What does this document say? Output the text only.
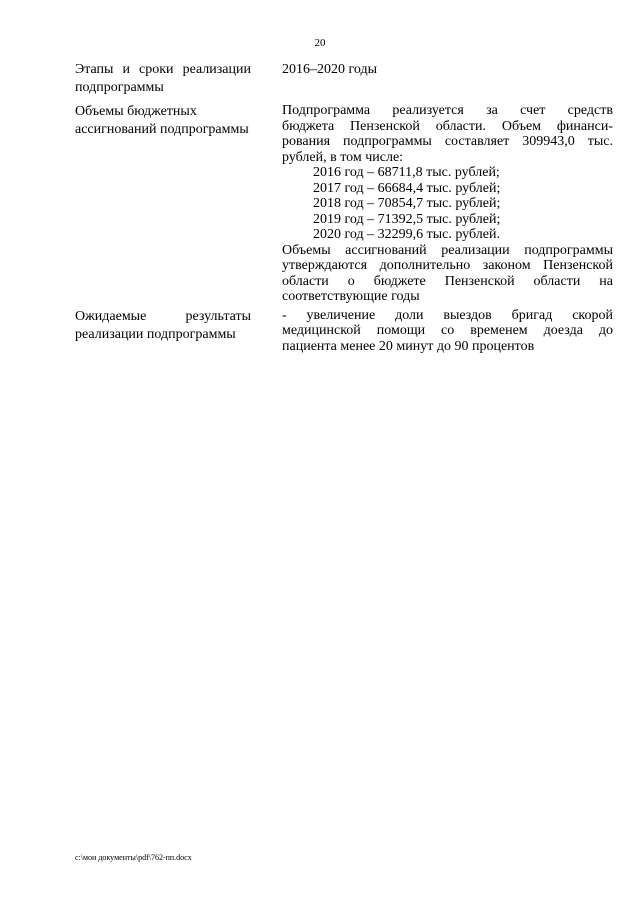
20
Этапы и сроки реализации
подпрограммы
2016–2020 годы
Объемы бюджетных
ассигнований подпрограммы
Подпрограмма реализуется за счет средств
бюджета Пензенской области. Объем финанси-
рования подпрограммы составляет 309943,0 тыс.
рублей, в том числе:
2016 год – 68711,8 тыс. рублей;
2017 год – 66684,4 тыс. рублей;
2018 год – 70854,7 тыс. рублей;
2019 год – 71392,5 тыс. рублей;
2020 год – 32299,6 тыс. рублей.
Объемы ассигнований реализации подпрограммы
утверждаются дополнительно законом Пензенской
области о бюджете Пензенской области на
соответствующие годы
Ожидаемые результаты
реализации подпрограммы
- увеличение доли выездов бригад скорой
медицинской помощи со временем доезда до
пациента менее 20 минут до 90 процентов
c:\мои документы\pdf\762-пп.docx
